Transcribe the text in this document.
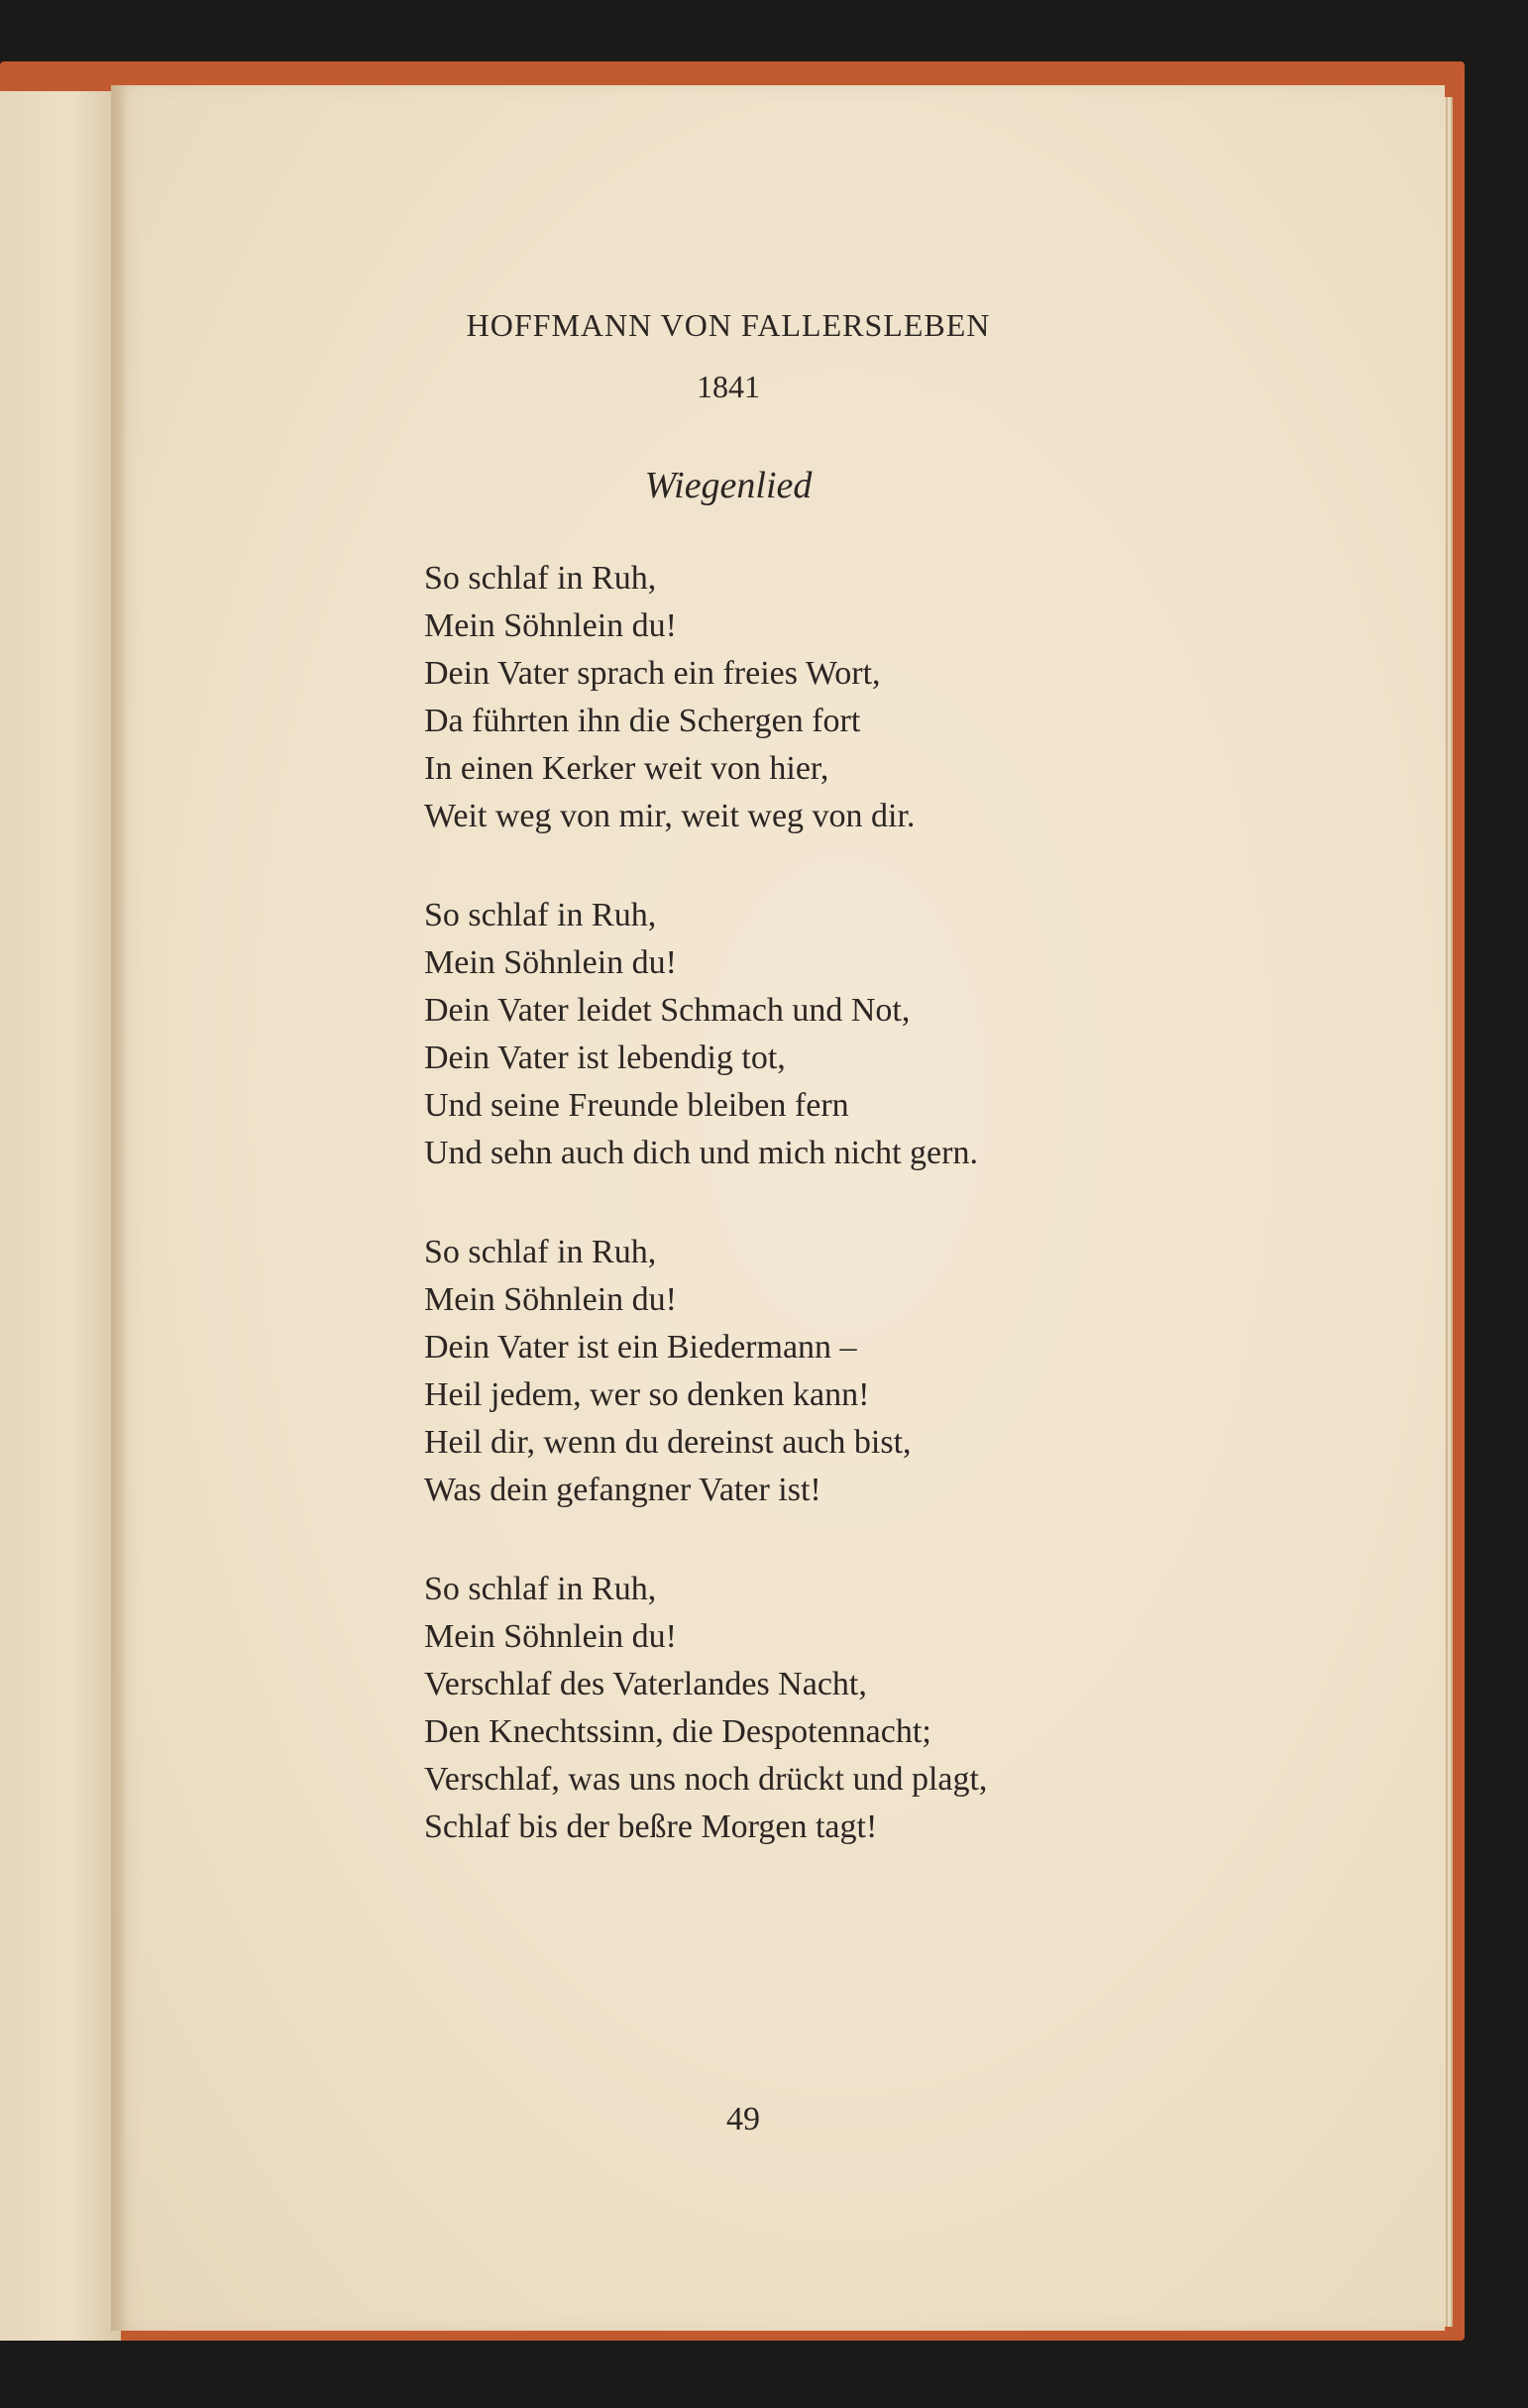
HOFFMANN VON FALLERSLEBEN
1841
Wiegenlied
So schlaf in Ruh,
Mein Söhnlein du!
Dein Vater sprach ein freies Wort,
Da führten ihn die Schergen fort
In einen Kerker weit von hier,
Weit weg von mir, weit weg von dir.
So schlaf in Ruh,
Mein Söhnlein du!
Dein Vater leidet Schmach und Not,
Dein Vater ist lebendig tot,
Und seine Freunde bleiben fern
Und sehn auch dich und mich nicht gern.
So schlaf in Ruh,
Mein Söhnlein du!
Dein Vater ist ein Biedermann –
Heil jedem, wer so denken kann!
Heil dir, wenn du dereinst auch bist,
Was dein gefangner Vater ist!
So schlaf in Ruh,
Mein Söhnlein du!
Verschlaf des Vaterlandes Nacht,
Den Knechtssinn, die Despotennacht;
Verschlaf, was uns noch drückt und plagt,
Schlaf bis der beßre Morgen tagt!
49
